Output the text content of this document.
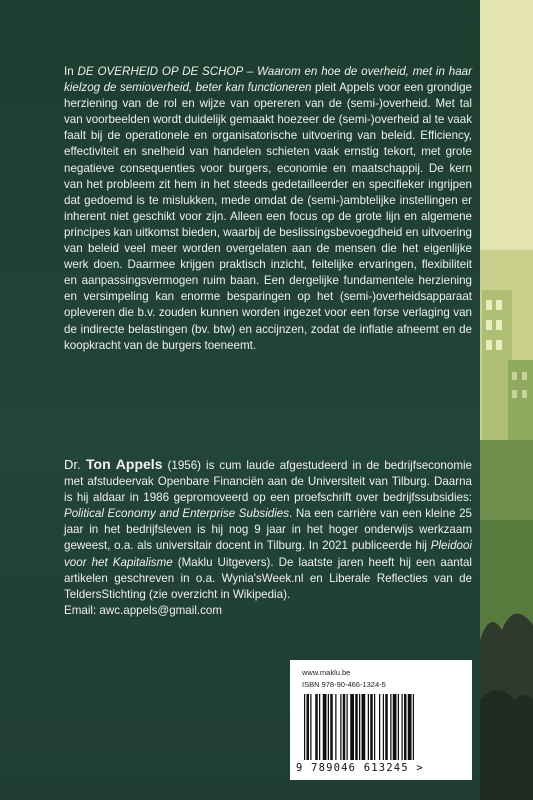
In DE OVERHEID OP DE SCHOP – Waarom en hoe de overheid, met in haar kielzog de semioverheid, beter kan functioneren pleit Appels voor een grondige herziening van de rol en wijze van opereren van de (semi-)overheid. Met tal van voorbeelden wordt duidelijk gemaakt hoezeer de (semi-)overheid al te vaak faalt bij de operationele en organisatorische uitvoering van beleid. Efficiency, effectiviteit en snelheid van handelen schieten vaak ernstig tekort, met grote negatieve consequenties voor burgers, economie en maatschappij. De kern van het probleem zit hem in het steeds gedetailleerder en specifieker ingrijpen dat gedoemd is te mislukken, mede omdat de (semi-)ambtelijke instellingen er inherent niet geschikt voor zijn. Alleen een focus op de grote lijn en algemene principes kan uitkomst bieden, waarbij de beslissingsbevoegdheid en uitvoering van beleid veel meer worden overgelaten aan de mensen die het eigenlijke werk doen. Daarmee krijgen praktisch inzicht, feitelijke ervaringen, flexibiliteit en aanpassingsvermogen ruim baan. Een dergelijke fundamentele herziening en versimpeling kan enorme besparingen op het (semi-)overheidsapparaat opleveren die b.v. zouden kunnen worden ingezet voor een forse verlaging van de indirecte belastingen (bv. btw) en accijnzen, zodat de inflatie afneemt en de koopkracht van de burgers toeneemt.

Dr. Ton Appels (1956) is cum laude afgestudeerd in de bedrijfseconomie met afstudeervak Openbare Financiën aan de Universiteit van Tilburg. Daarna is hij aldaar in 1986 gepromoveerd op een proefschrift over bedrijfssubsidies: Political Economy and Enterprise Subsidies. Na een carrière van een kleine 25 jaar in het bedrijfsleven is hij nog 9 jaar in het hoger onderwijs werkzaam geweest, o.a. als universitair docent in Tilburg. In 2021 publiceerde hij Pleidooi voor het Kapitalisme (Maklu Uitgevers). De laatste jaren heeft hij een aantal artikelen geschreven in o.a. Wynia'sWeek.nl en Liberale Reflecties van de TeldersStichting (zie overzicht in Wikipedia).

Email: awc.appels@gmail.com
www.maklu.be
ISBN 978-90-466-1324-5
9 789046 613245 >
